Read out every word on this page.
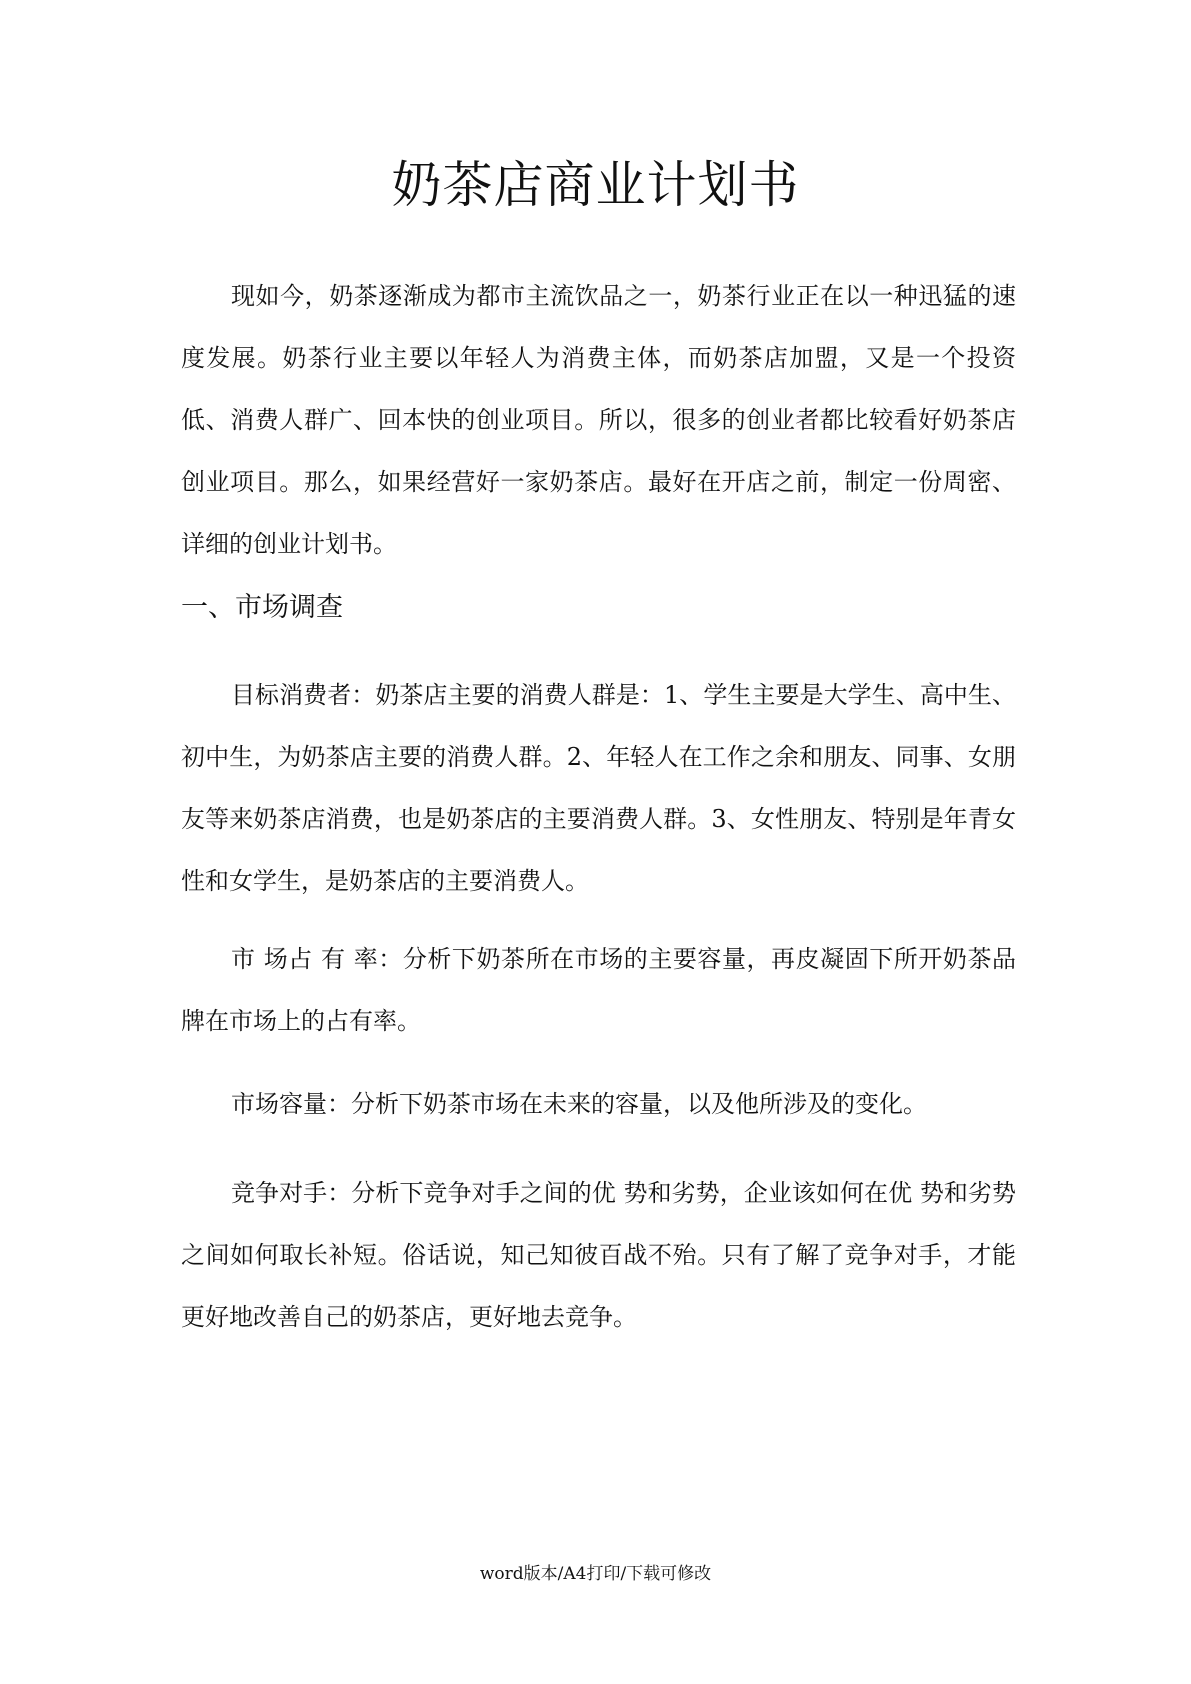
奶茶店商业计划书

现如今，奶茶逐渐成为都市主流饮品之一，奶茶行业正在以一种迅猛的速度发展。奶茶行业主要以年轻人为消费主体，而奶茶店加盟，又是一个投资低、消费人群广、回本快的创业项目。所以，很多的创业者都比较看好奶茶店创业项目。那么，如果经营好一家奶茶店。最好在开店之前，制定一份周密、详细的创业计划书。

一、市场调查

目标消费者：奶茶店主要的消费人群是：1、学生主要是大学生、高中生、初中生，为奶茶店主要的消费人群。2、年轻人在工作之余和朋友、同事、女朋友等来奶茶店消费，也是奶茶店的主要消费人群。3、女性朋友、特别是年青女性和女学生，是奶茶店的主要消费人。

市 场占 有 率：分析下奶茶所在市场的主要容量，再皮凝固下所开奶茶品牌在市场上的占有率。

市场容量：分析下奶茶市场在未来的容量，以及他所涉及的变化。

竞争对手：分析下竞争对手之间的优 势和劣势，企业该如何在优 势和劣势之间如何取长补短。俗话说，知己知彼百战不殆。只有了解了竞争对手，才能更好地改善自己的奶茶店，更好地去竞争。

word版本/A4打印/下载可修改
